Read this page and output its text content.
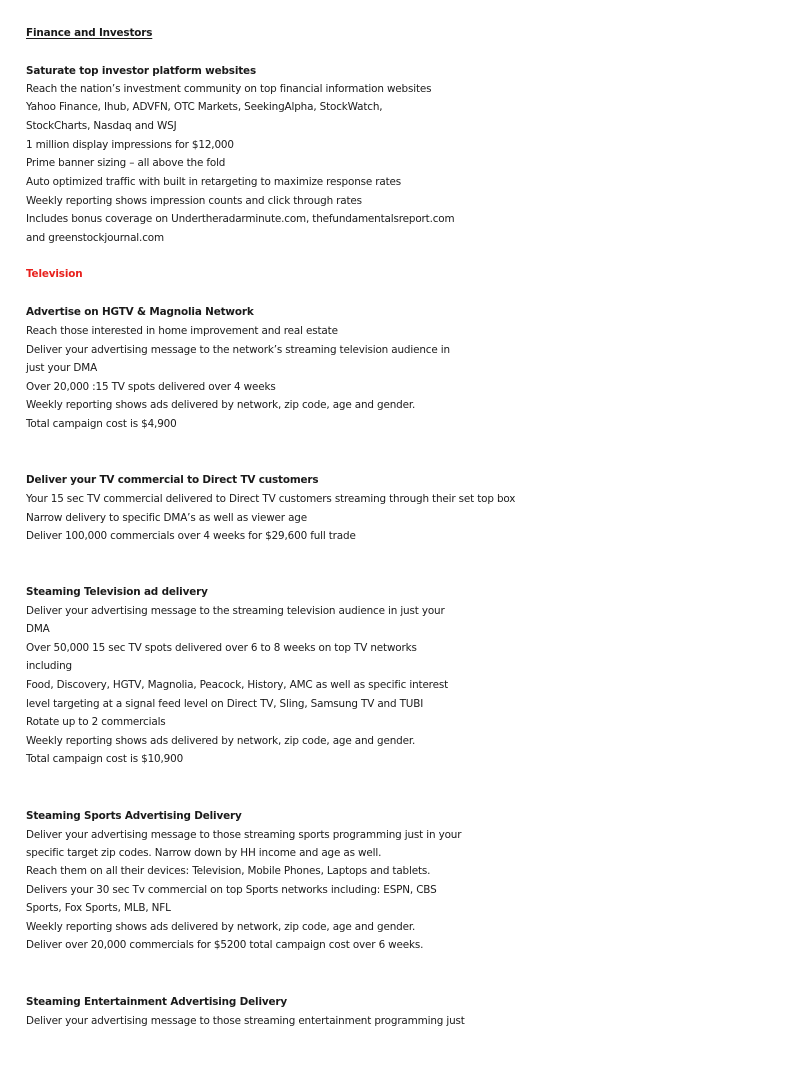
Finance and Investors
Saturate top investor platform websites
Reach the nation’s investment community on top financial information websites
Yahoo Finance, Ihub, ADVFN, OTC Markets, SeekingAlpha, StockWatch,
StockCharts, Nasdaq and WSJ
1 million display impressions for $12,000
Prime banner sizing – all above the fold
Auto optimized traffic with built in retargeting to maximize response rates
Weekly reporting shows impression counts and click through rates
Includes bonus coverage on Undertheradarminute.com, thefundamentalsreport.com
and greenstockjournal.com
Television
Advertise on HGTV & Magnolia Network
Reach those interested in home improvement and real estate
Deliver your advertising message to the network’s streaming television audience in
just your DMA
Over 20,000 :15 TV spots delivered over 4 weeks
Weekly reporting shows ads delivered by network, zip code, age and gender.
Total campaign cost is $4,900
Deliver your TV commercial to Direct TV customers
Your 15 sec TV commercial delivered to Direct TV customers streaming through their set top box
Narrow delivery to specific DMA’s as well as viewer age
Deliver 100,000 commercials over 4 weeks for $29,600 full trade
Steaming Television ad delivery
Deliver your advertising message to the streaming television audience in just your
DMA
Over 50,000 15 sec TV spots delivered over 6 to 8 weeks on top TV networks
including
Food, Discovery, HGTV, Magnolia, Peacock, History, AMC as well as specific interest
level targeting at a signal feed level on Direct TV, Sling, Samsung TV and TUBI
Rotate up to 2 commercials
Weekly reporting shows ads delivered by network, zip code, age and gender.
Total campaign cost is $10,900
Steaming Sports Advertising Delivery
Deliver your advertising message to those streaming sports programming just in your
specific target zip codes. Narrow down by HH income and age as well.
Reach them on all their devices: Television, Mobile Phones, Laptops and tablets.
Delivers your 30 sec Tv commercial on top Sports networks including: ESPN, CBS
Sports, Fox Sports, MLB, NFL
Weekly reporting shows ads delivered by network, zip code, age and gender.
Deliver over 20,000 commercials for $5200 total campaign cost over 6 weeks.
Steaming Entertainment Advertising Delivery
Deliver your advertising message to those streaming entertainment programming just
